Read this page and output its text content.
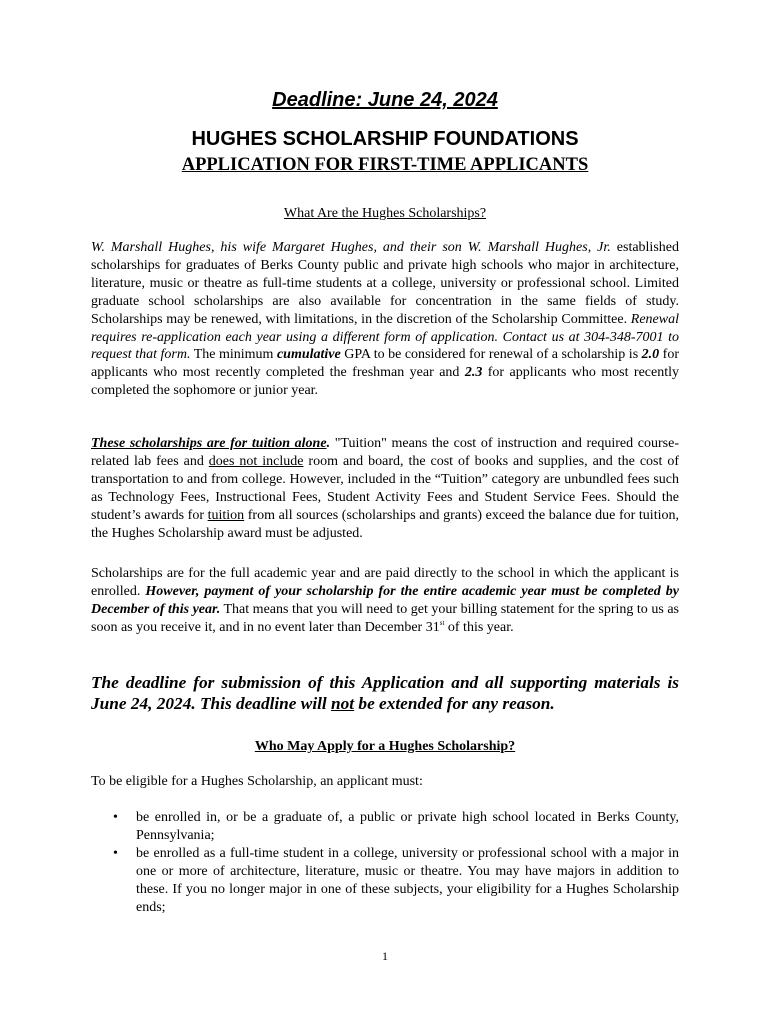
Deadline: June 24, 2024
HUGHES SCHOLARSHIP FOUNDATIONS
APPLICATION FOR FIRST-TIME APPLICANTS
What Are the Hughes Scholarships?
W. Marshall Hughes, his wife Margaret Hughes, and their son W. Marshall Hughes, Jr. established scholarships for graduates of Berks County public and private high schools who major in architecture, literature, music or theatre as full-time students at a college, university or professional school. Limited graduate school scholarships are also available for concentration in the same fields of study. Scholarships may be renewed, with limitations, in the discretion of the Scholarship Committee. Renewal requires re-application each year using a different form of application. Contact us at 304-348-7001 to request that form. The minimum cumulative GPA to be considered for renewal of a scholarship is 2.0 for applicants who most recently completed the freshman year and 2.3 for applicants who most recently completed the sophomore or junior year.
These scholarships are for tuition alone. "Tuition" means the cost of instruction and required course-related lab fees and does not include room and board, the cost of books and supplies, and the cost of transportation to and from college. However, included in the “Tuition” category are unbundled fees such as Technology Fees, Instructional Fees, Student Activity Fees and Student Service Fees. Should the student’s awards for tuition from all sources (scholarships and grants) exceed the balance due for tuition, the Hughes Scholarship award must be adjusted.
Scholarships are for the full academic year and are paid directly to the school in which the applicant is enrolled. However, payment of your scholarship for the entire academic year must be completed by December of this year. That means that you will need to get your billing statement for the spring to us as soon as you receive it, and in no event later than December 31st of this year.
The deadline for submission of this Application and all supporting materials is June 24, 2024. This deadline will not be extended for any reason.
Who May Apply for a Hughes Scholarship?
To be eligible for a Hughes Scholarship, an applicant must:
• be enrolled in, or be a graduate of, a public or private high school located in Berks County, Pennsylvania;
• be enrolled as a full-time student in a college, university or professional school with a major in one or more of architecture, literature, music or theatre. You may have majors in addition to these. If you no longer major in one of these subjects, your eligibility for a Hughes Scholarship ends;
1
